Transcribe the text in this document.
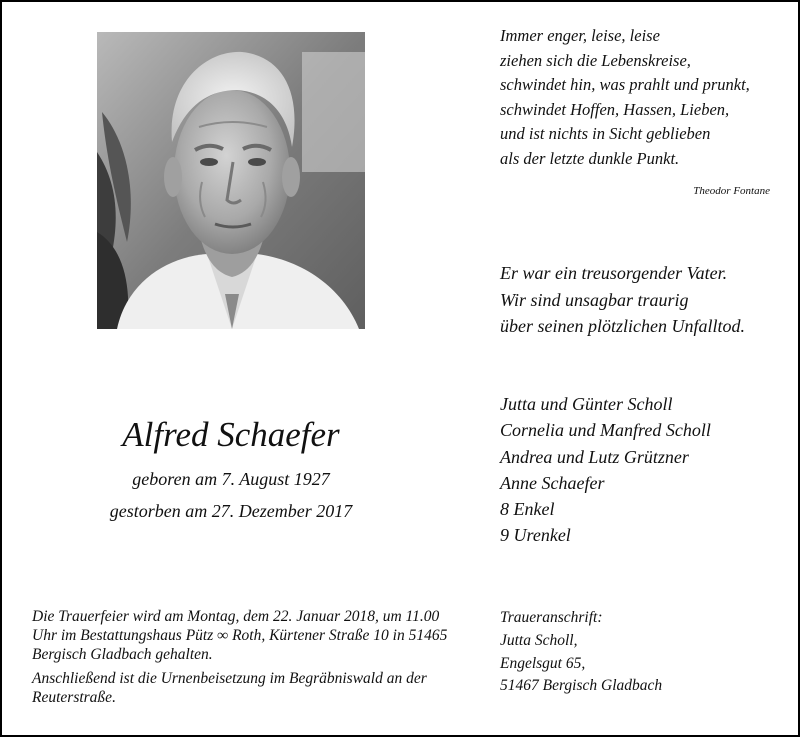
Immer enger, leise, leise
ziehen sich die Lebenskreise,
schwindet hin, was prahlt und prunkt,
schwindet Hoffen, Hassen, Lieben,
und ist nichts in Sicht geblieben
als der letzte dunkle Punkt.
Theodor Fontane
Er war ein treusorgender Vater.
Wir sind unsagbar traurig
über seinen plötzlichen Unfalltod.
Jutta und Günter Scholl
Cornelia und Manfred Scholl
Andrea und Lutz Grützner
Anne Schaefer
8 Enkel
9 Urenkel
Alfred Schaefer
geboren am 7. August 1927
gestorben am 27. Dezember 2017

Die Trauerfeier wird am Montag, dem 22. Januar 2018, um 11.00 Uhr im Bestattungshaus Pütz ∞ Roth, Kürtener Straße 10 in 51465 Bergisch Gladbach gehalten.

Anschließend ist die Urnenbeisetzung im Begräbniswald an der Reuterstraße.

Traueranschrift:
Jutta Scholl,
Engelsgut 65,
51467 Bergisch Gladbach
